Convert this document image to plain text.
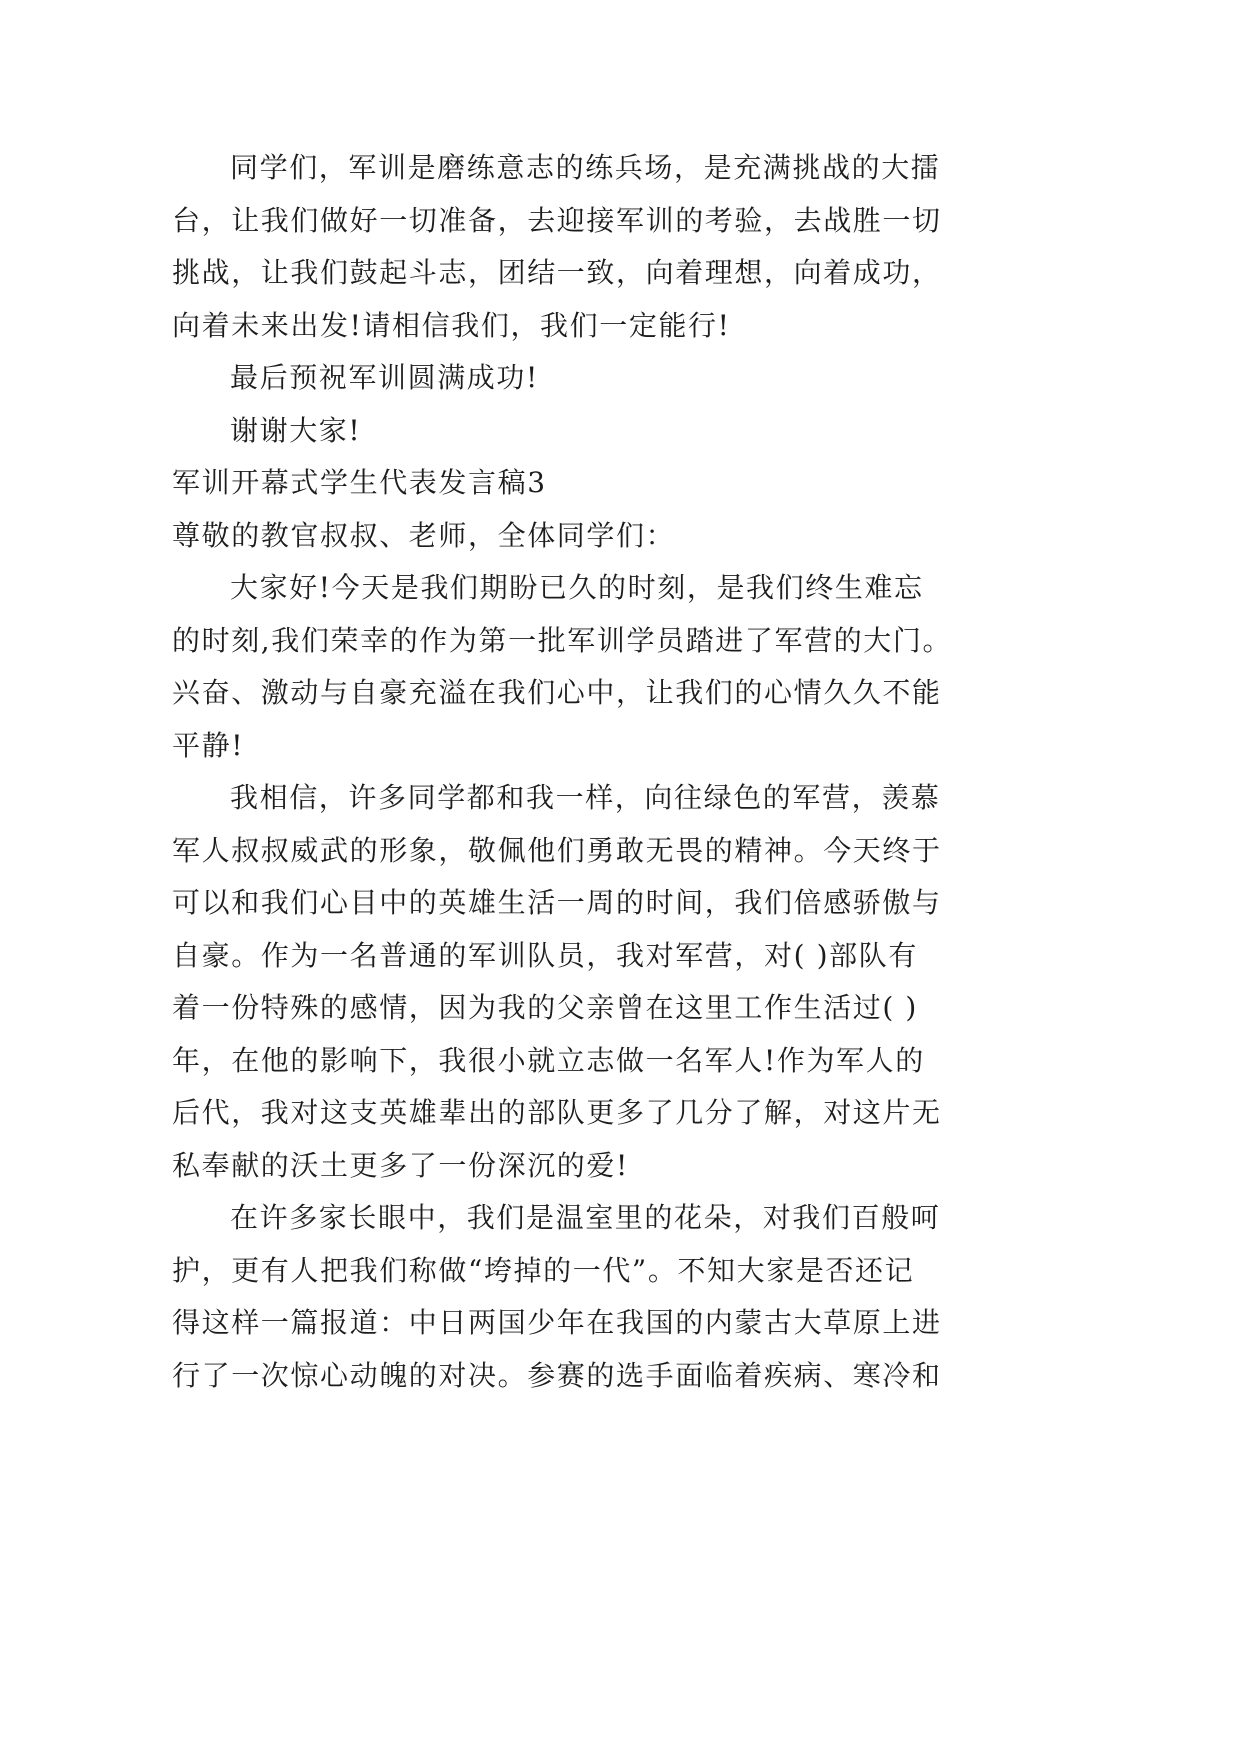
同学们，军训是磨练意志的练兵场，是充满挑战的大擂
台，让我们做好一切准备，去迎接军训的考验，去战胜一切
挑战，让我们鼓起斗志，团结一致，向着理想，向着成功，
向着未来出发!请相信我们，我们一定能行!
最后预祝军训圆满成功!
谢谢大家!
军训开幕式学生代表发言稿3
尊敬的教官叔叔、老师，全体同学们：
大家好!今天是我们期盼已久的时刻，是我们终生难忘
的时刻,我们荣幸的作为第一批军训学员踏进了军营的大门。
兴奋、激动与自豪充溢在我们心中，让我们的心情久久不能
平静!
我相信，许多同学都和我一样，向往绿色的军营，羡慕
军人叔叔威武的形象，敬佩他们勇敢无畏的精神。今天终于
可以和我们心目中的英雄生活一周的时间，我们倍感骄傲与
自豪。作为一名普通的军训队员，我对军营，对( )部队有
着一份特殊的感情，因为我的父亲曾在这里工作生活过( )
年，在他的影响下，我很小就立志做一名军人!作为军人的
后代，我对这支英雄辈出的部队更多了几分了解，对这片无
私奉献的沃土更多了一份深沉的爱!
在许多家长眼中，我们是温室里的花朵，对我们百般呵
护，更有人把我们称做“垮掉的一代”。不知大家是否还记
得这样一篇报道：中日两国少年在我国的内蒙古大草原上进
行了一次惊心动魄的对决。参赛的选手面临着疾病、寒冷和
